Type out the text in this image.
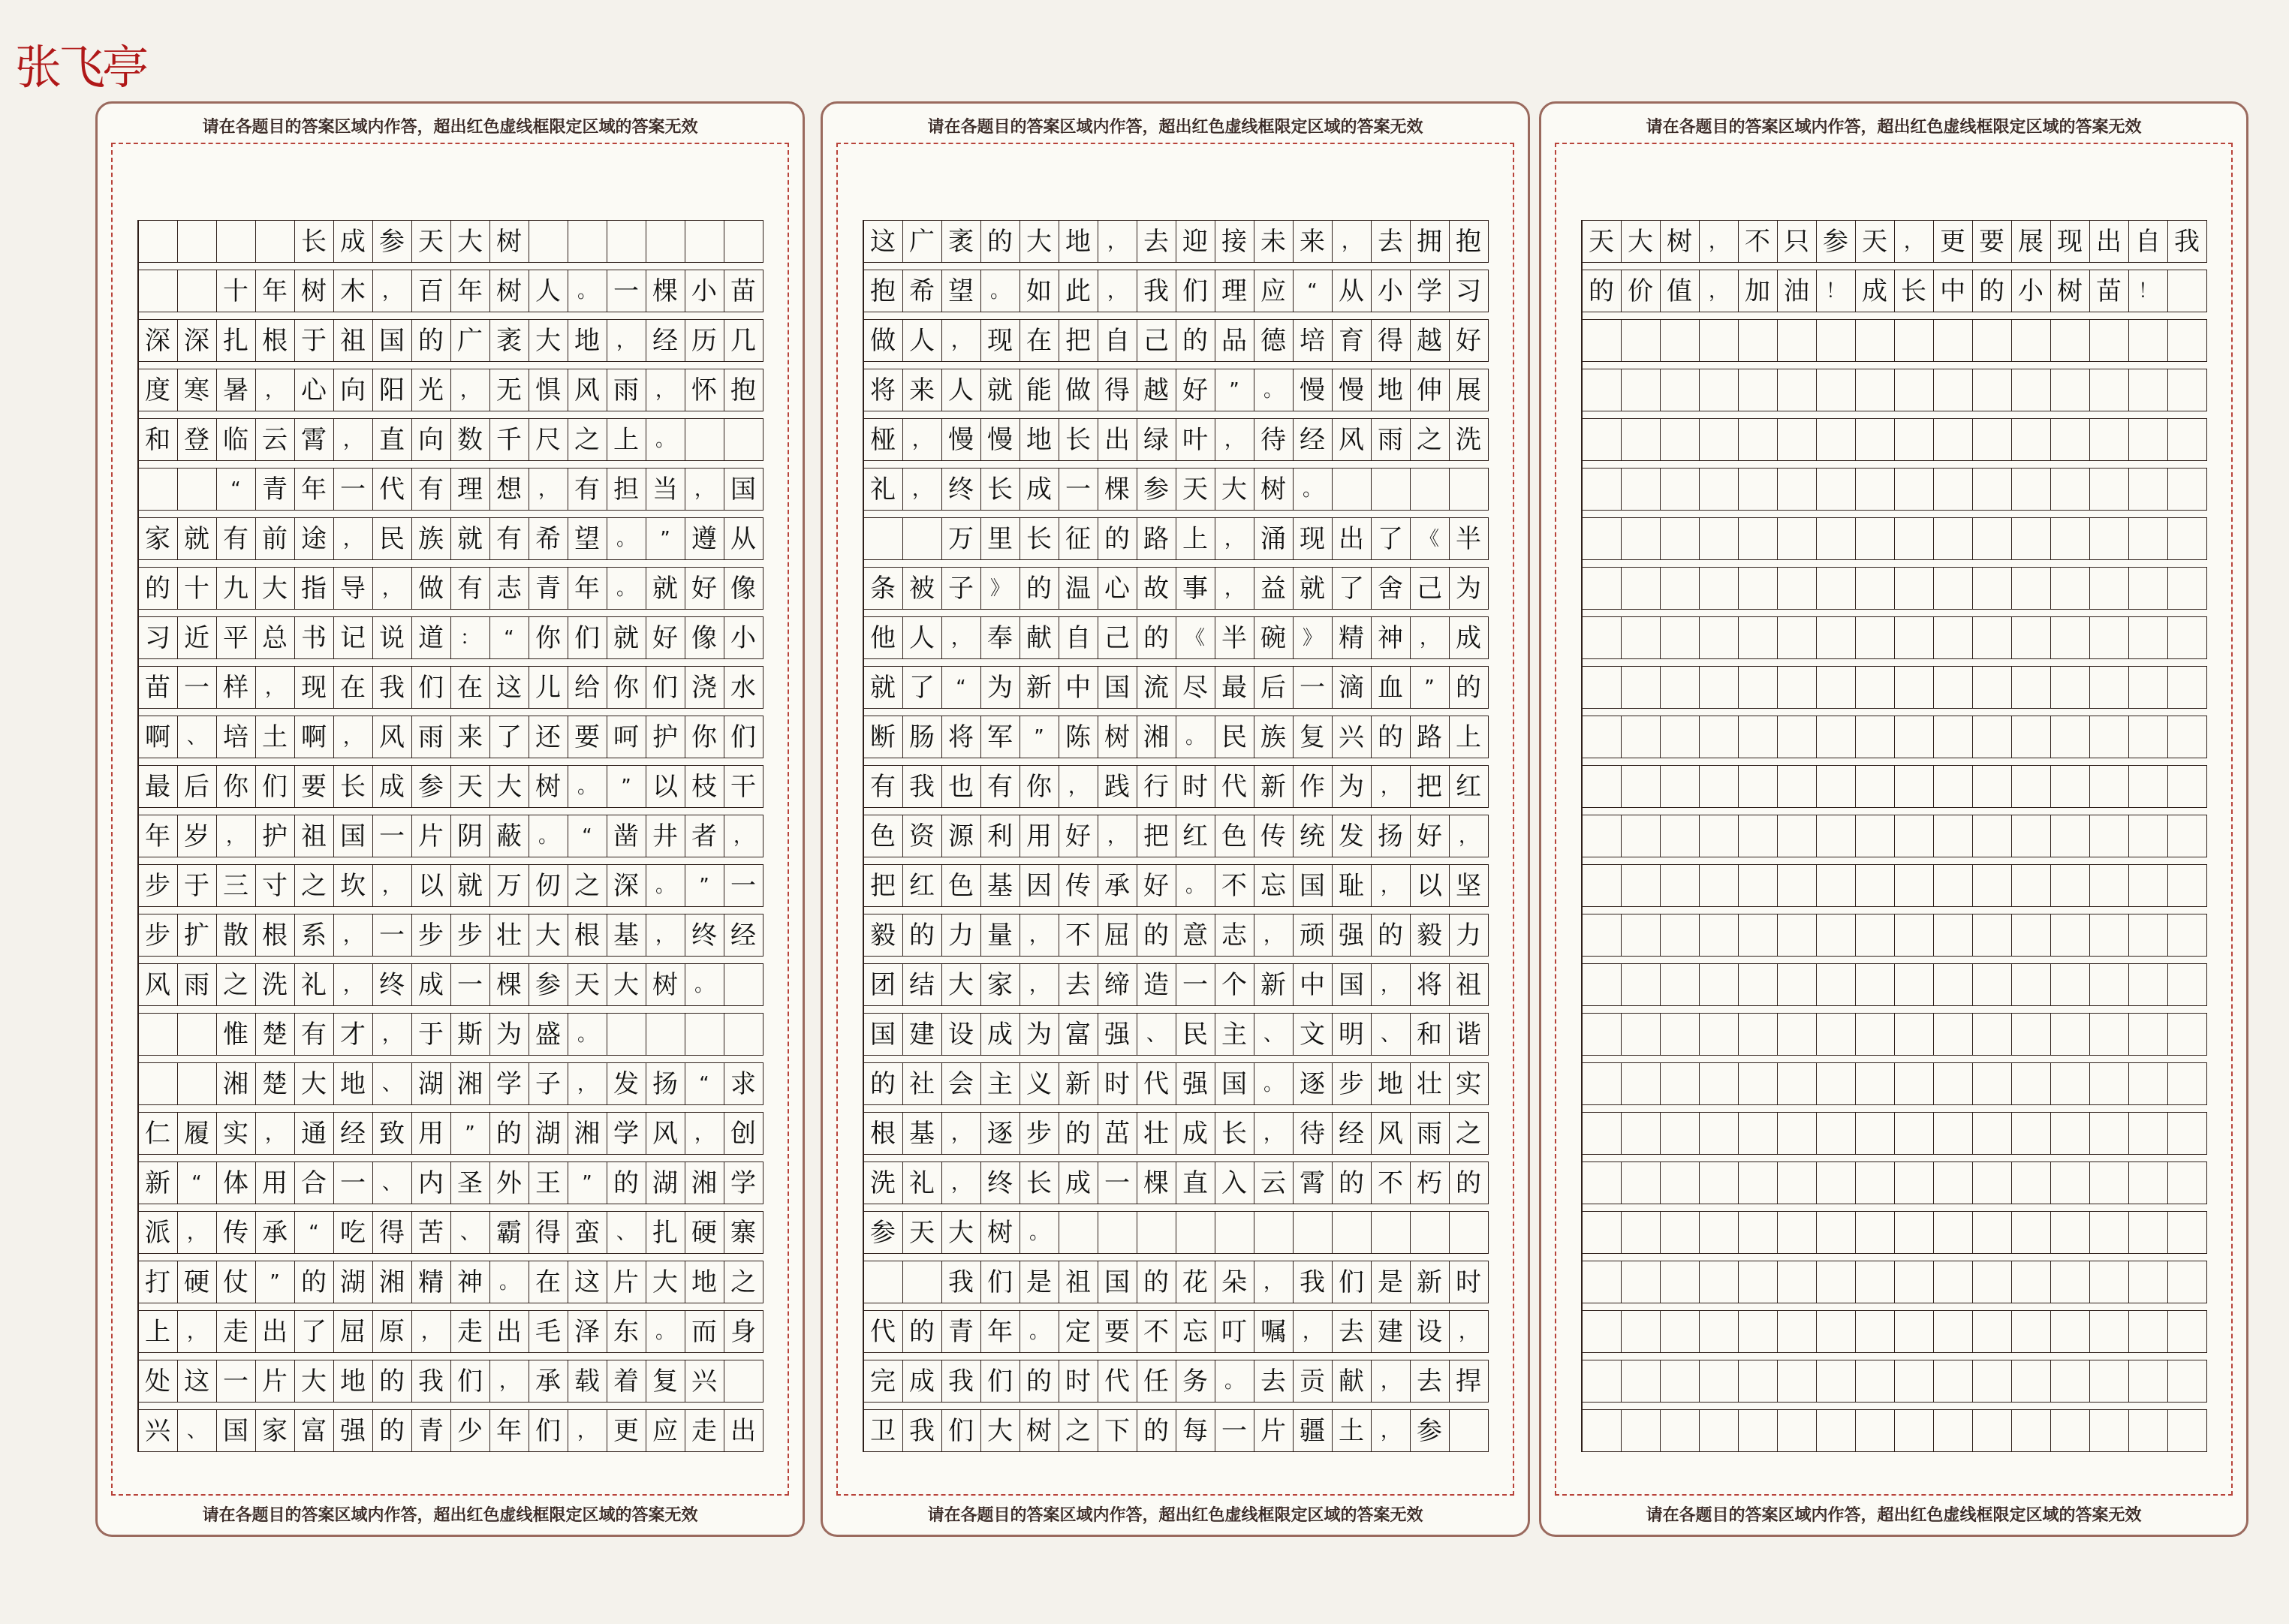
张飞亭
请在各题目的答案区域内作答，超出红色虚线框限定区域的答案无效
长 成 参 天 大 树
十 年 树 木 ， 百 年 树 人 。 一 棵 小 苗
深 深 扎 根 于 祖 国 的 广 袤 大 地 ， 经 历 几
度 寒 暑 ， 心 向 阳 光 ， 无 惧 风 雨 ， 怀 抱
和 登 临 云 霄 ， 直 向 数 千 尺 之 上 。
“ 青 年 一 代 有 理 想 ， 有 担 当 ， 国
家 就 有 前 途 ， 民 族 就 有 希 望 。	” 遵 从
的 十 九 大 指 导 ， 做 有 志 青 年 。 就 好 像
习 近 平 总 书 记 说 道 ：	“ 你 们 就 好 像 小
苗 一 样 ， 现 在 我 们 在 这 儿 给 你 们 浇 水
啊 、 培 土 啊 ， 风 雨 来 了 还 要 呵 护 你 们
最 后 你 们 要 长 成 参 天 大 树 。	” 以 枝 干
年 岁 ， 护 祖 国 一 片 阴 蔽 。	“ 凿 井 者 ，
步 于 三 寸 之 坎 ， 以 就 万 仞 之 深 。	” 一
步 扩 散 根 系 ， 一 步 步 壮 大 根 基 ， 终 经
风 雨 之 洗 礼 ， 终 成 一 棵 参 天 大 树 。
惟 楚 有 才 ， 于 斯 为 盛 。
湘 楚 大 地 、 湖 湘 学 子 ， 发 扬	“ 求
仁 履 实 ， 通 经 致 用	” 的 湖 湘 学 风 ， 创
新	“ 体 用 合 一 、 内 圣 外 王	” 的 湖 湘 学
派 ， 传 承	“ 吃 得 苦 、 霸 得 蛮 、 扎 硬 寨
打 硬 仗	” 的 湖 湘 精 神 。 在 这 片 大 地 之
上 ， 走 出 了 屈 原 ， 走 出 毛 泽 东 。 而 身
处 这 一 片 大 地 的 我 们 ， 承 载 着 复 兴
兴 、 国 家 富 强 的 青 少 年 们 ， 更 应 走 出
请在各题目的答案区域内作答，超出红色虚线框限定区域的答案无效
请在各题目的答案区域内作答，超出红色虚线框限定区域的答案无效
这 广 袤 的 大 地 ， 去 迎 接 未 来 ， 去 拥 抱
抱 希 望 。 如 此 ， 我 们 理 应	“ 从 小 学 习
做 人 ， 现 在 把 自 己 的 品 德 培 育 得 越 好
将 来 人 就 能 做 得 越 好	”	。 慢 慢 地 伸 展
桠 ， 慢 慢 地 长 出 绿 叶 ， 待 经 风 雨 之 洗
礼 ， 终 长 成 一 棵 参 天 大 树 。
万 里 长 征 的 路 上 ， 涌 现 出 了 《 半
条 被 子 》 的 温 心 故 事 ， 益 就 了 舍 己 为
他 人 ， 奉 献 自 己 的 《 半 碗 》 精 神 ， 成
就 了	“ 为 新 中 国 流 尽 最 后 一 滴 血	” 的
断 肠 将 军	” 陈 树 湘 。 民 族 复 兴 的 路 上
有 我 也 有 你 ， 践 行 时 代 新 作 为 ， 把 红
色 资 源 利 用 好 ， 把 红 色 传 统 发 扬 好 ，
把 红 色 基 因 传 承 好 。 不 忘 国 耻 ， 以 坚
毅 的 力 量 ， 不 屈 的 意 志 ， 顽 强 的 毅 力
团 结 大 家 ， 去 缔 造 一 个 新 中 国 ， 将 祖
国 建 设 成 为 富 强 、 民 主 、 文 明 、 和 谐
的 社 会 主 义 新 时 代 强 国 。 逐 步 地 壮 实
根 基 ， 逐 步 的 茁 壮 成 长 ， 待 经 风 雨 之
洗 礼 ， 终 长 成 一 棵 直 入 云 霄 的 不 朽 的
参 天 大 树 。
我 们 是 祖 国 的 花 朵 ， 我 们 是 新 时
代 的 青 年 。 定 要 不 忘 叮 嘱 ， 去 建 设 ，
完 成 我 们 的 时 代 任 务 。 去 贡 献 ， 去 捍
卫 我 们 大 树 之 下 的 每 一 片 疆 土 ， 参
请在各题目的答案区域内作答，超出红色虚线框限定区域的答案无效
请在各题目的答案区域内作答，超出红色虚线框限定区域的答案无效
天 大 树 ， 不 只 参 天 ， 更 要 展 现 出 自 我
的 价 值 ， 加 油 ！ 成 长 中 的 小 树 苗 ！
请在各题目的答案区域内作答，超出红色虚线框限定区域的答案无效
